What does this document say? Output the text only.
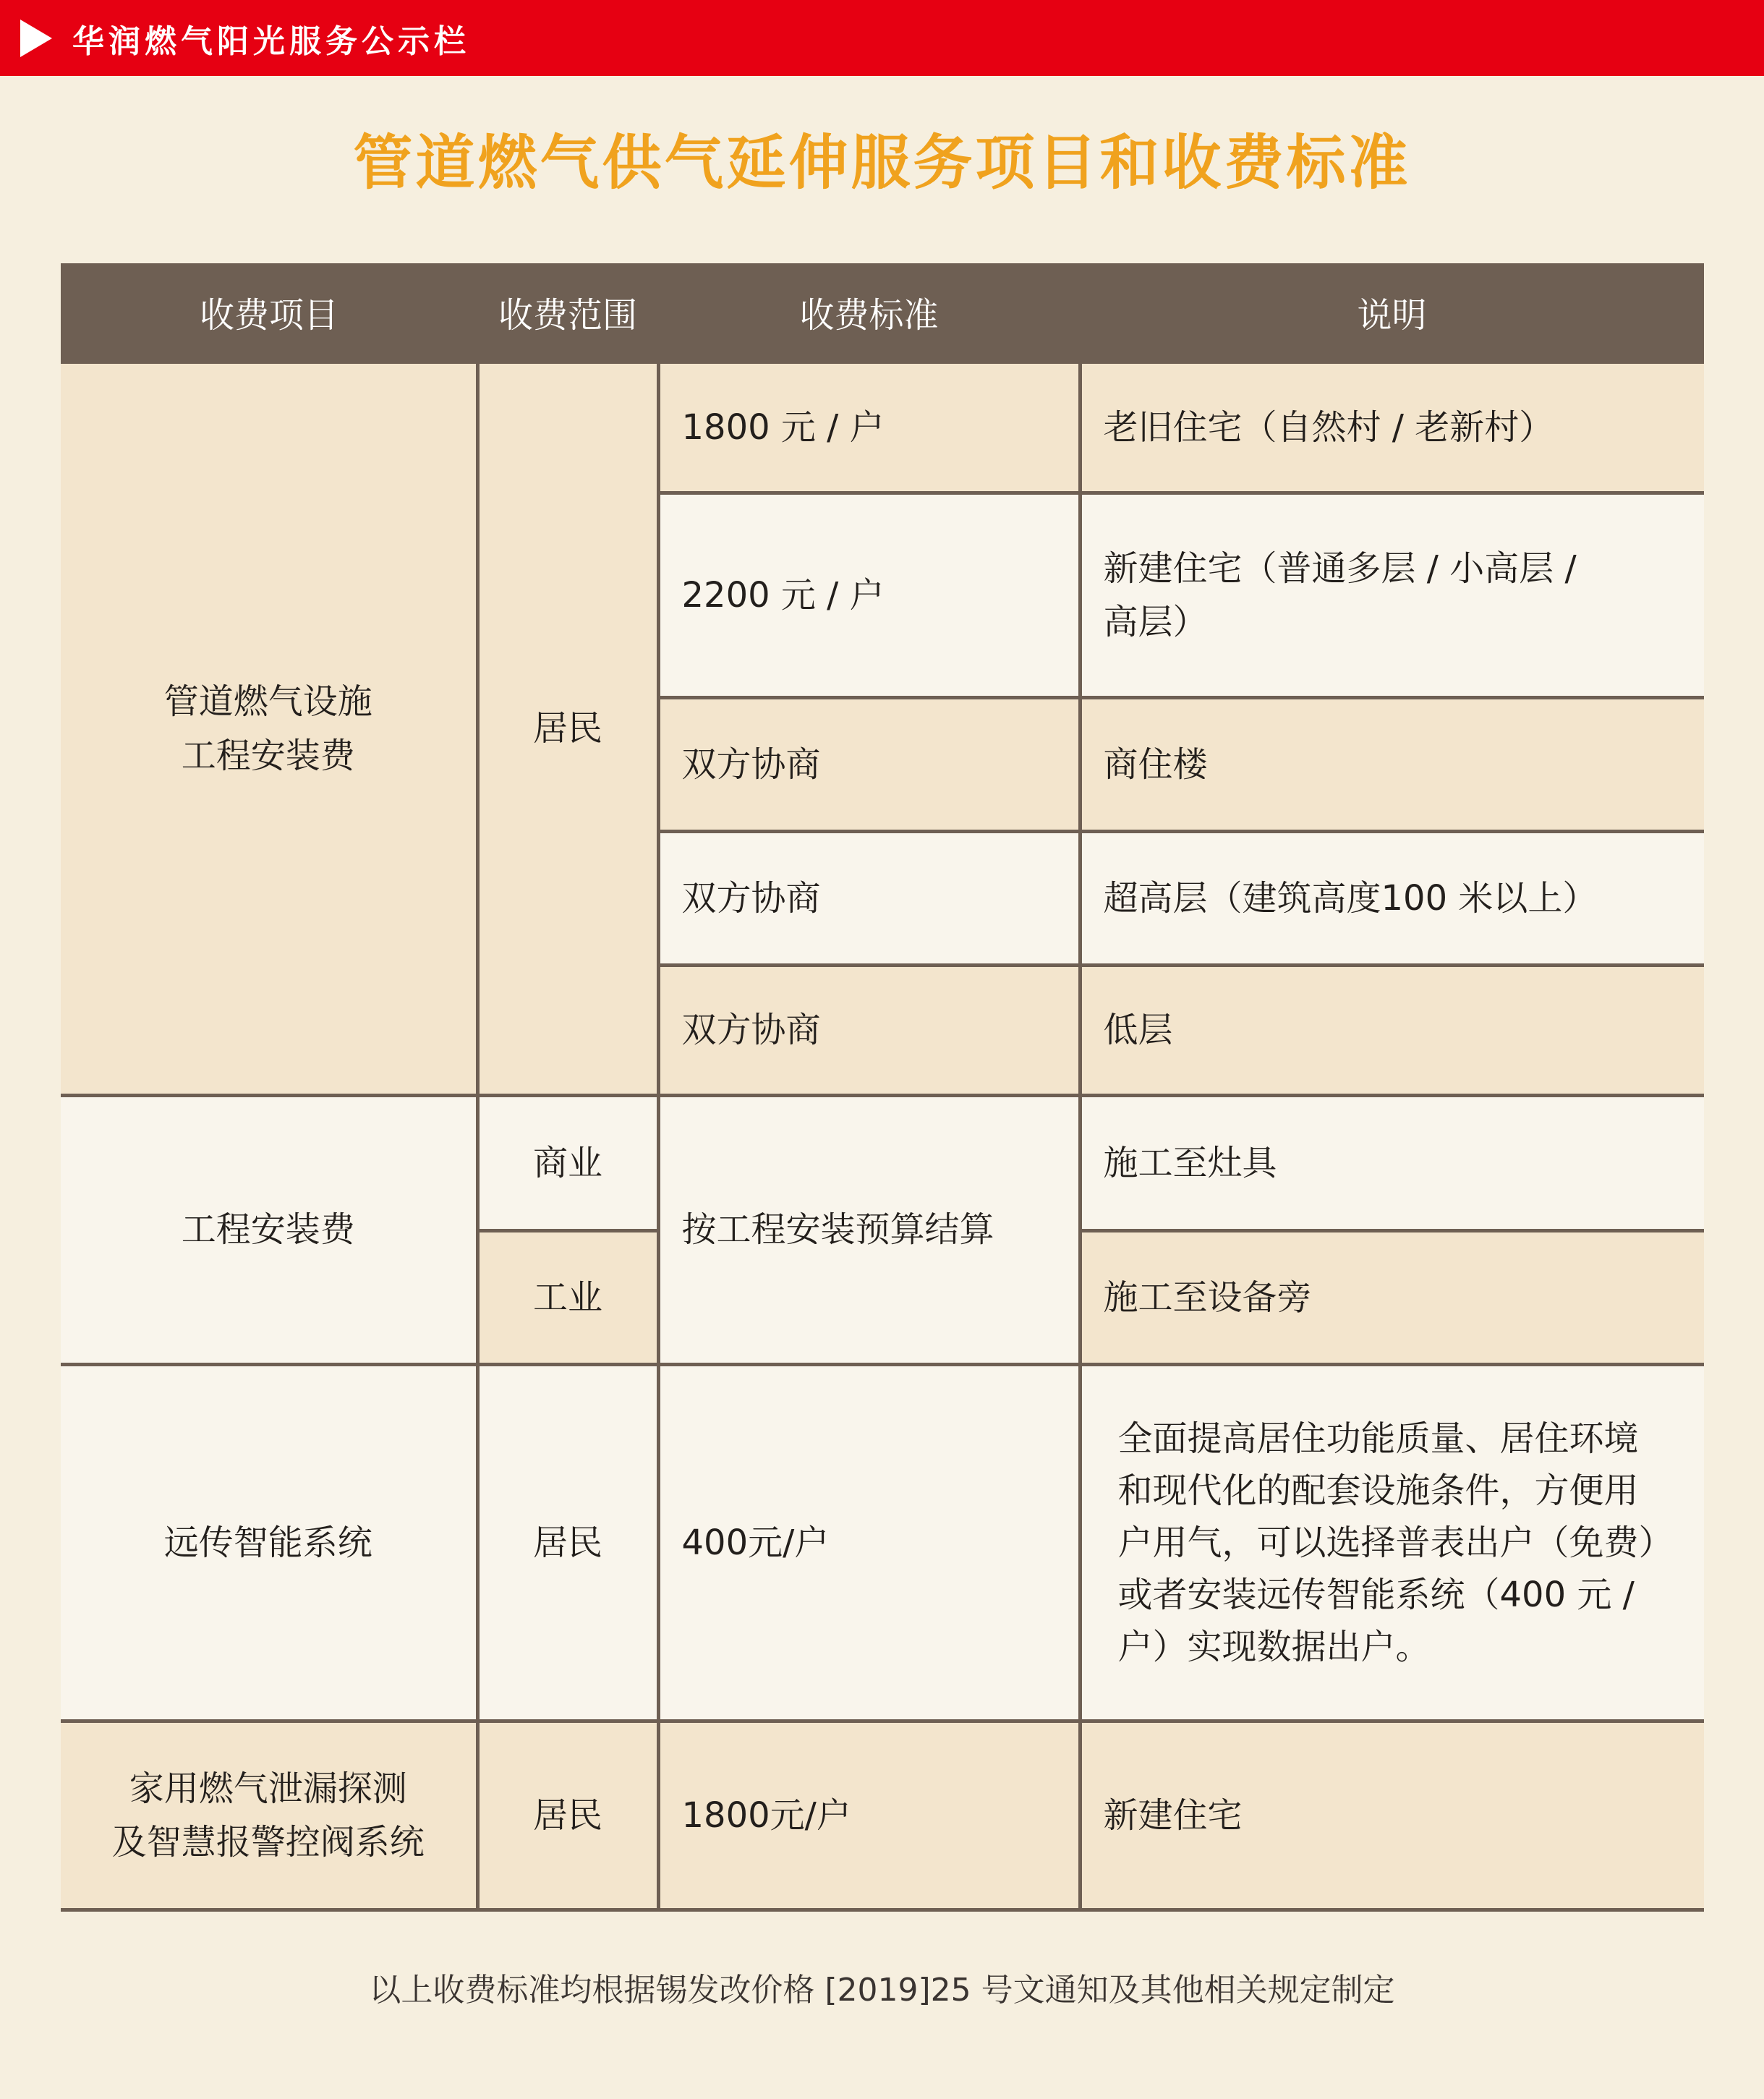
华润燃气阳光服务公示栏
管道燃气供气延伸服务项目和收费标准
收费项目	收费范围	收费标准	说明

管道燃气设施
工程安装费	居民	1800 元 / 户	老旧住宅（自然村 / 老新村）
		2200 元 / 户	新建住宅（普通多层 / 小高层 /
高层）

		双方协商	商住楼
		双方协商	超高层（建筑高度100 米以上）
		双方协商	低层
工程安装费	商业	按工程安装预算结算	施工至灶具
	工业		施工至设备旁
远传智能系统	居民	400元/户	全面提高居住功能质量、居住环境
和现代化的配套设施条件，方便用
户用气，可以选择普表出户（免费）
或者安装远传智能系统（400 元 /
户）实现数据出户。

家用燃气泄漏探测
及智慧报警控阀系统	居民	1800元/户	新建住宅
以上收费标准均根据锡发改价格 [2019]25 号文通知及其他相关规定制定
